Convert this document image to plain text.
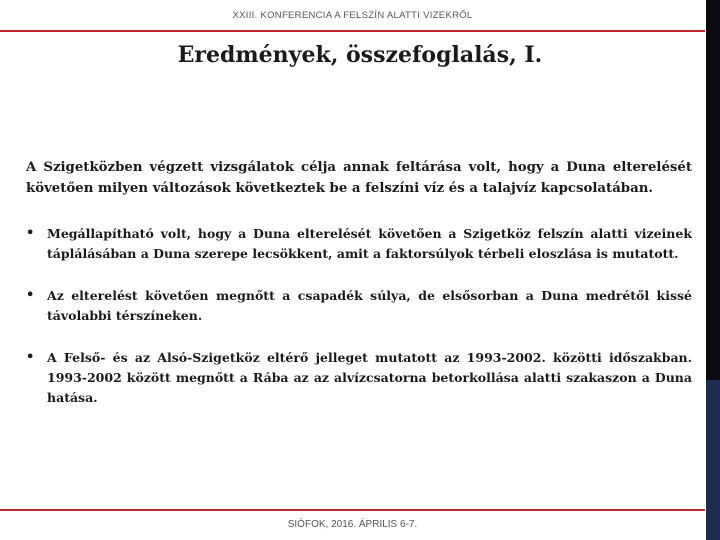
XXIII. KONFERENCIA A FELSZÍN ALATTI VIZEKRŐL
Eredmények, összefoglalás, I.

A Szigetközben végzett vizsgálatok célja annak feltárása volt, hogy a Duna elterelését követően milyen változások következtek be a felszíni víz és a talajvíz kapcsolatában.

• Megállapítható volt, hogy a Duna elterelését követően a Szigetköz felszín alatti vizeinek táplálásában a Duna szerepe lecsökkent, amit a faktorsúlyok térbeli eloszlása is mutatott.
• Az elterelést követően megnőtt a csapadék súlya, de elsősorban a Duna medrétől kissé távolabbi térszíneken.
• A Felső- és az Alsó-Szigetköz eltérő jelleget mutatott az 1993-2002. közötti időszakban. 1993-2002 között megnőtt a Rába az az alvízcsatorna betorkollása alatti szakaszon a Duna hatása.
SIÓFOK, 2016. ÁPRILIS 6-7.
